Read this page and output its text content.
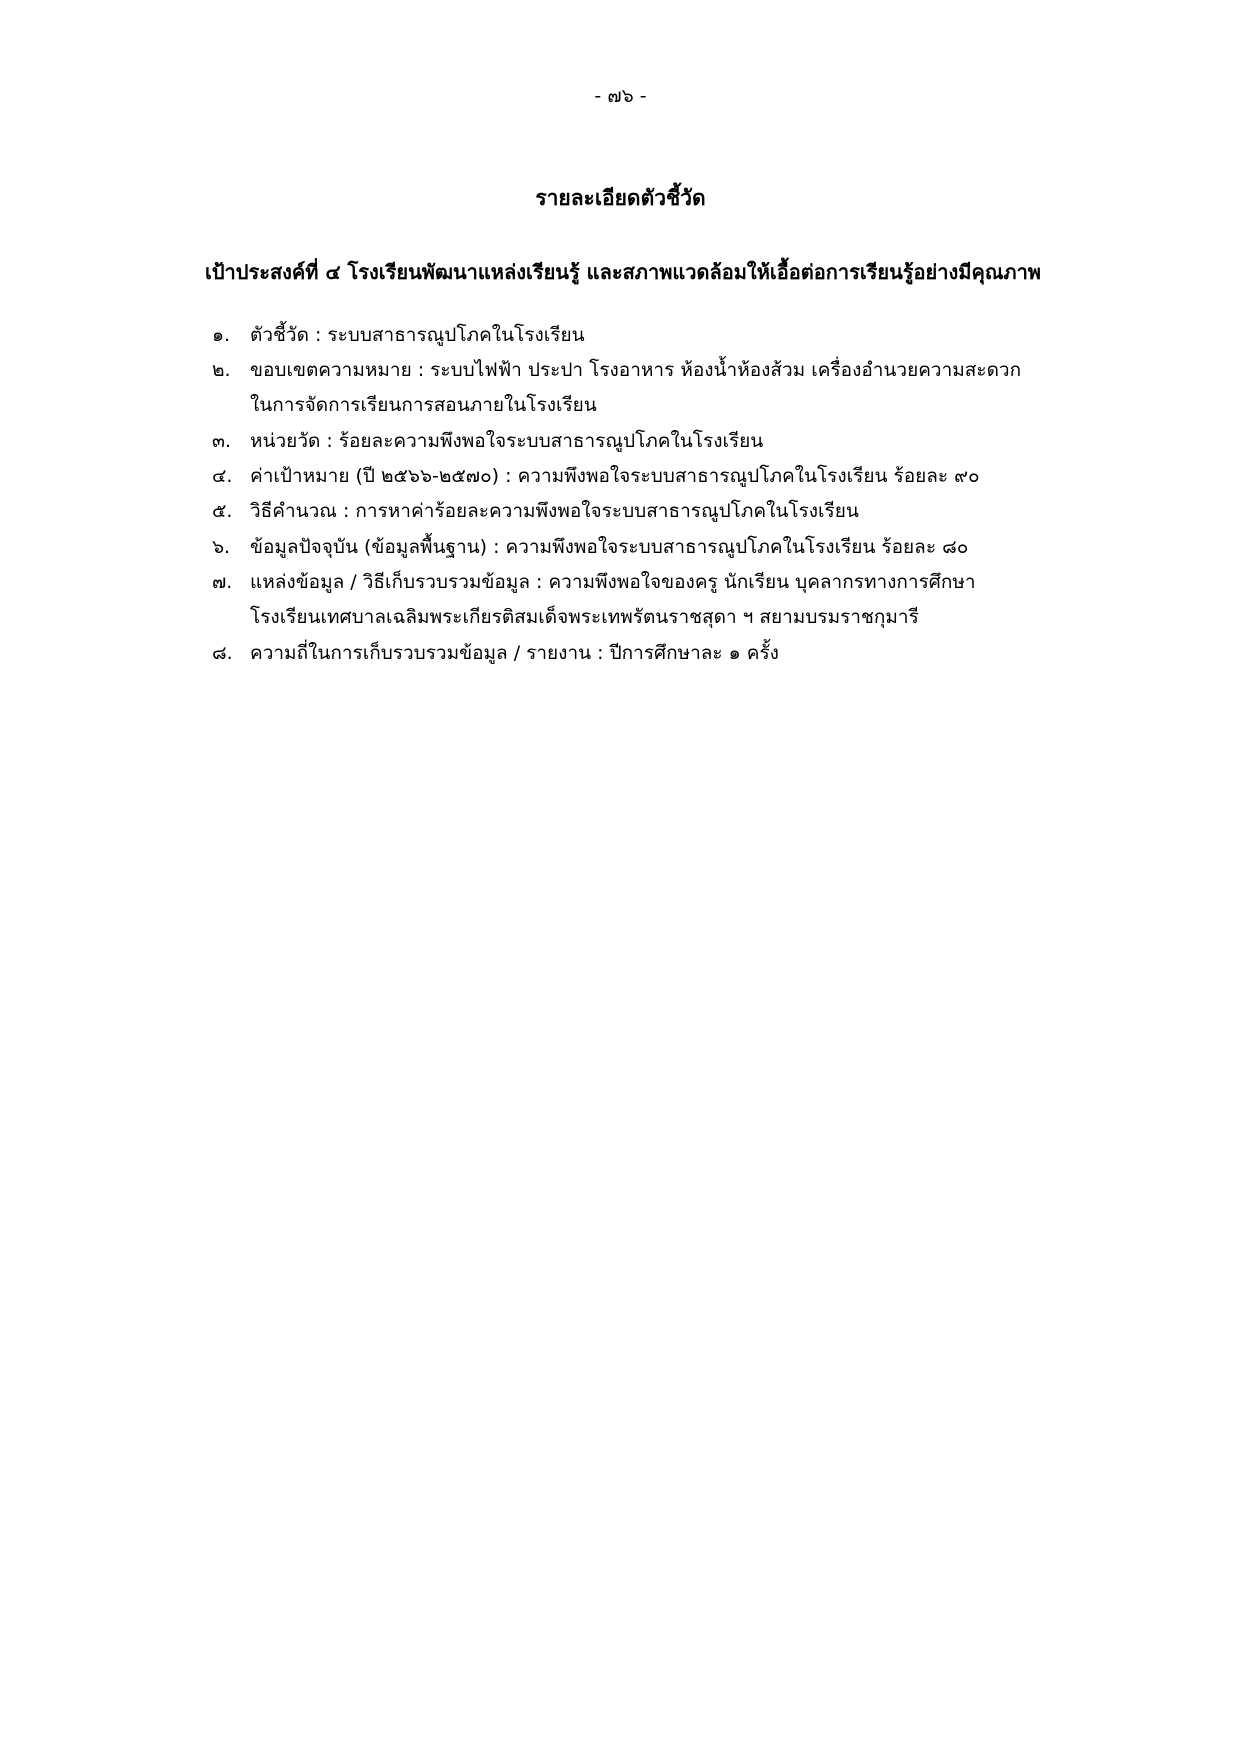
- ๗๖ -
รายละเอียดตัวชี้วัด
เป้าประสงค์ที่ ๔ โรงเรียนพัฒนาแหล่งเรียนรู้ และสภาพแวดล้อมให้เอื้อต่อการเรียนรู้อย่างมีคุณภาพ
๑.	ตัวชี้วัด : ระบบสาธารณูปโภคในโรงเรียน
๒.	ขอบเขตความหมาย : ระบบไฟฟ้า ประปา โรงอาหาร ห้องน้ำห้องส้วม เครื่องอำนวยความสะดวก
ในการจัดการเรียนการสอนภายในโรงเรียน
๓. หน่วยวัด : ร้อยละความพึงพอใจระบบสาธารณูปโภคในโรงเรียน
๔. ค่าเป้าหมาย (ปี ๒๕๖๖-๒๕๗๐) : ความพึงพอใจระบบสาธารณูปโภคในโรงเรียน ร้อยละ ๙๐
๕. วิธีคำนวณ : การหาค่าร้อยละความพึงพอใจระบบสาธารณูปโภคในโรงเรียน
๖.	ข้อมูลปัจจุบัน (ข้อมูลพื้นฐาน) : ความพึงพอใจระบบสาธารณูปโภคในโรงเรียน ร้อยละ ๘๐
๗. แหล่งข้อมูล / วิธีเก็บรวบรวมข้อมูล : ความพึงพอใจของครู นักเรียน บุคลากรทางการศึกษา
โรงเรียนเทศบาลเฉลิมพระเกียรติสมเด็จพระเทพรัตนราชสุดา ฯ สยามบรมราชกุมารี
๘. ความถี่ในการเก็บรวบรวมข้อมูล / รายงาน : ปีการศึกษาละ ๑ ครั้ง
